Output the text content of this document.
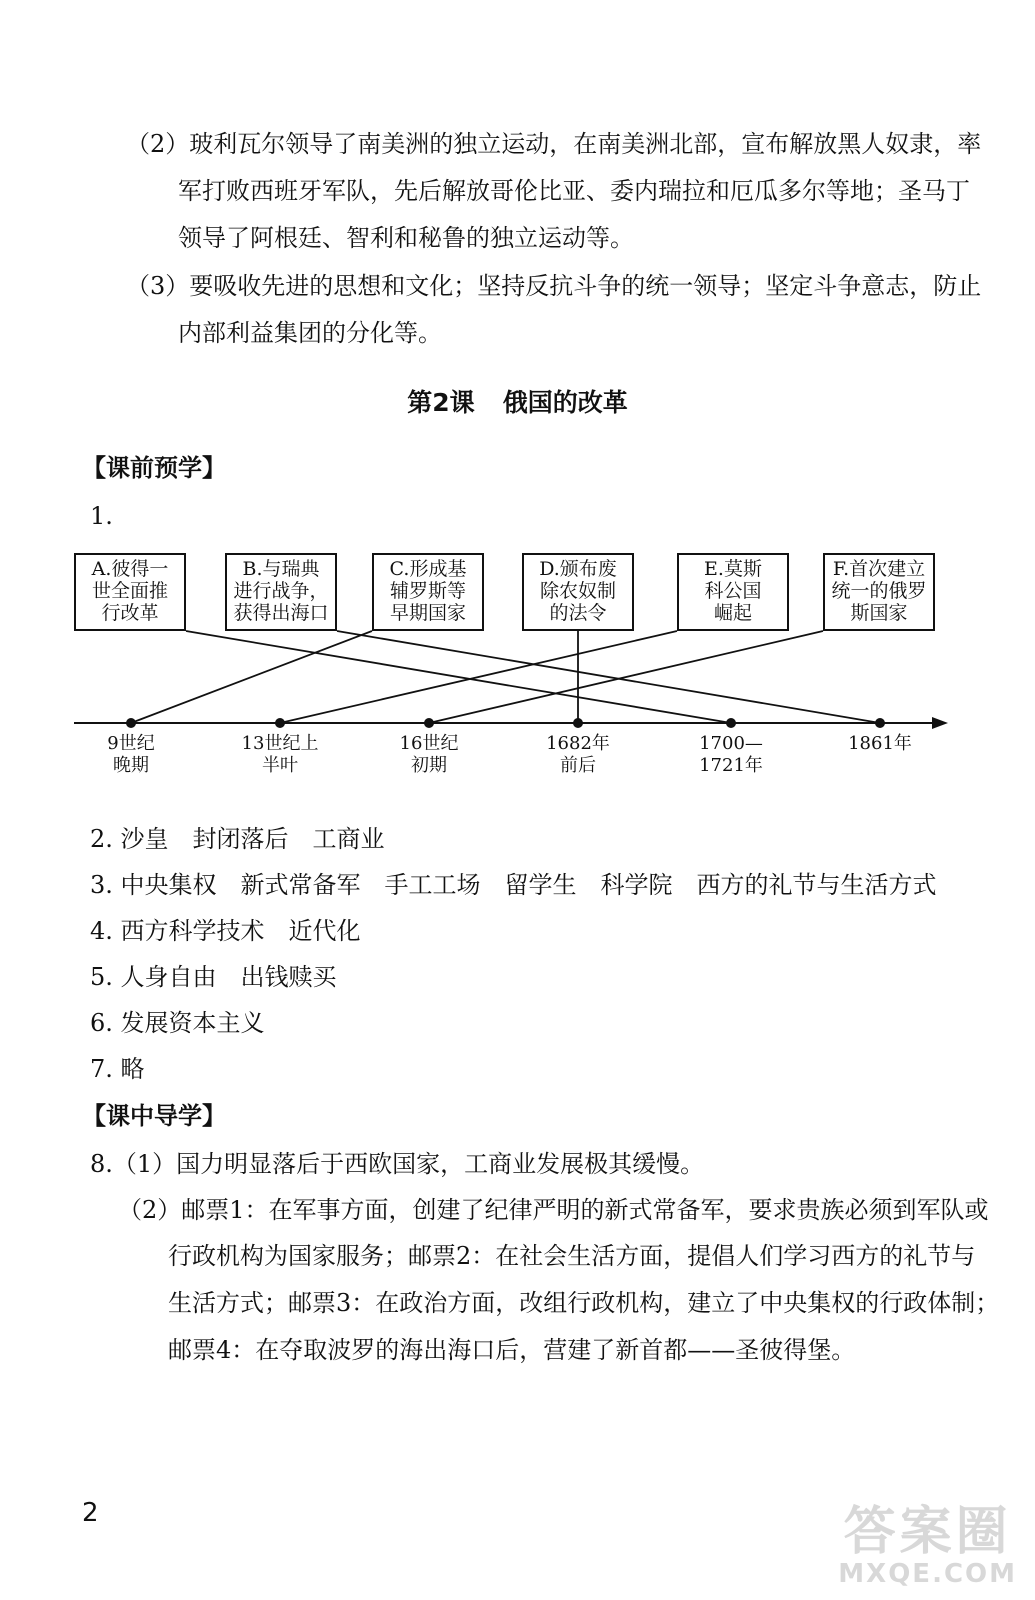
（2）玻利瓦尔领导了南美洲的独立运动，在南美洲北部，宣布解放黑人奴隶，率
军打败西班牙军队，先后解放哥伦比亚、委内瑞拉和厄瓜多尔等地；圣马丁
领导了阿根廷、智利和秘鲁的独立运动等。
（3）要吸收先进的思想和文化；坚持反抗斗争的统一领导；坚定斗争意志，防止
内部利益集团的分化等。
第2课 俄国的改革
【课前预学】
1.
A.彼得一
世全面推
行改革
B.与瑞典
进行战争，
获得出海口
C.形成基
辅罗斯等
早期国家
D.颁布废
除农奴制
的法令
E.莫斯
科公国
崛起
F.首次建立
统一的俄罗
斯国家
9世纪
晚期
13世纪上
半叶
16世纪
初期
1682年
前后
1700—
1721年
1861年
2. 沙皇　封闭落后　工商业
3. 中央集权　新式常备军　手工工场　留学生　科学院　西方的礼节与生活方式
4. 西方科学技术　近代化
5. 人身自由　出钱赎买
6. 发展资本主义
7. 略
【课中导学】
8.（1）国力明显落后于西欧国家，工商业发展极其缓慢。
（2）邮票1：在军事方面，创建了纪律严明的新式常备军，要求贵族必须到军队或
行政机构为国家服务；邮票2：在社会生活方面，提倡人们学习西方的礼节与
生活方式；邮票3：在政治方面，改组行政机构，建立了中央集权的行政体制；
邮票4：在夺取波罗的海出海口后，营建了新首都——圣彼得堡。
2	答案圈
MXQE.COM
